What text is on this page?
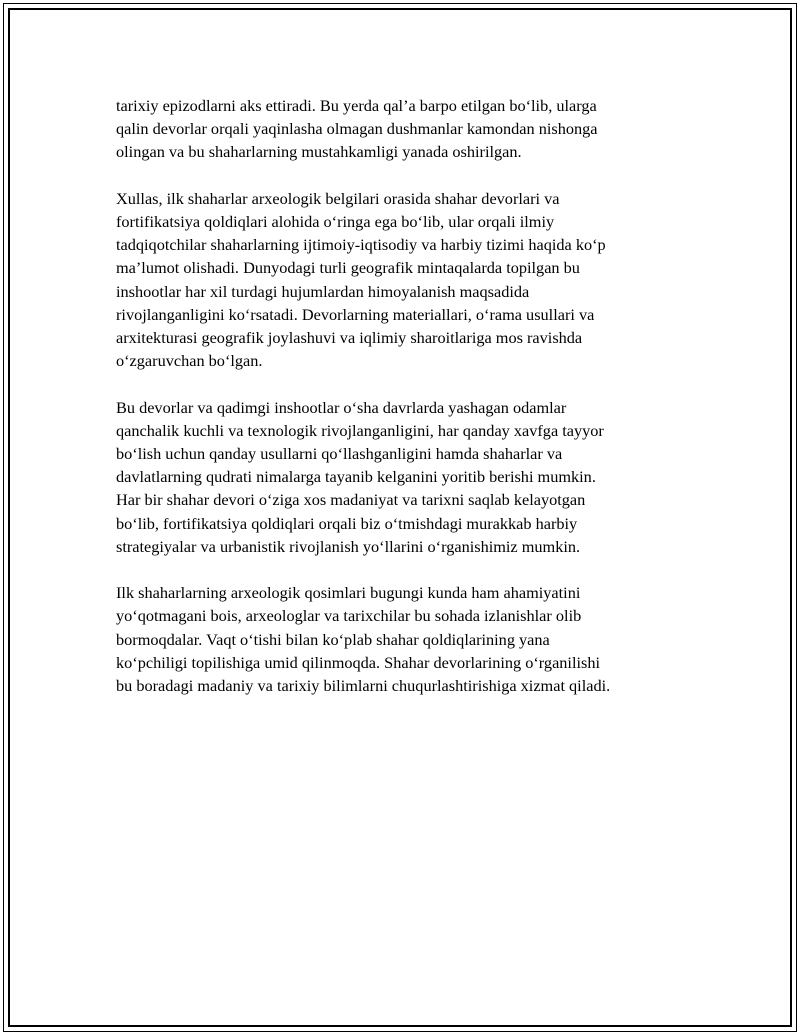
tarixiy epizodlarni aks ettiradi. Bu yerda qal’a barpo etilgan bo‘lib, ularga
qalin devorlar orqali yaqinlasha olmagan dushmanlar kamondan nishonga
olingan va bu shaharlarning mustahkamligi yanada oshirilgan.

Xullas, ilk shaharlar arxeologik belgilari orasida shahar devorlari va
fortifikatsiya qoldiqlari alohida o‘ringa ega bo‘lib, ular orqali ilmiy
tadqiqotchilar shaharlarning ijtimoiy-iqtisodiy va harbiy tizimi haqida ko‘p
ma’lumot olishadi. Dunyodagi turli geografik mintaqalarda topilgan bu
inshootlar har xil turdagi hujumlardan himoyalanish maqsadida
rivojlanganligini ko‘rsatadi. Devorlarning materiallari, o‘rama usullari va
arxitekturasi geografik joylashuvi va iqlimiy sharoitlariga mos ravishda
o‘zgaruvchan bo‘lgan.

Bu devorlar va qadimgi inshootlar o‘sha davrlarda yashagan odamlar
qanchalik kuchli va texnologik rivojlanganligini, har qanday xavfga tayyor
bo‘lish uchun qanday usullarni qo‘llashganligini hamda shaharlar va
davlatlarning qudrati nimalarga tayanib kelganini yoritib berishi mumkin.
Har bir shahar devori o‘ziga xos madaniyat va tarixni saqlab kelayotgan
bo‘lib, fortifikatsiya qoldiqlari orqali biz o‘tmishdagi murakkab harbiy
strategiyalar va urbanistik rivojlanish yo‘llarini o‘rganishimiz mumkin.

Ilk shaharlarning arxeologik qosimlari bugungi kunda ham ahamiyatini
yo‘qotmagani bois, arxeologlar va tarixchilar bu sohada izlanishlar olib
bormoqdalar. Vaqt o‘tishi bilan ko‘plab shahar qoldiqlarining yana
ko‘pchiligi topilishiga umid qilinmoqda. Shahar devorlarining o‘rganilishi
bu boradagi madaniy va tarixiy bilimlarni chuqurlashtirishiga xizmat qiladi.
